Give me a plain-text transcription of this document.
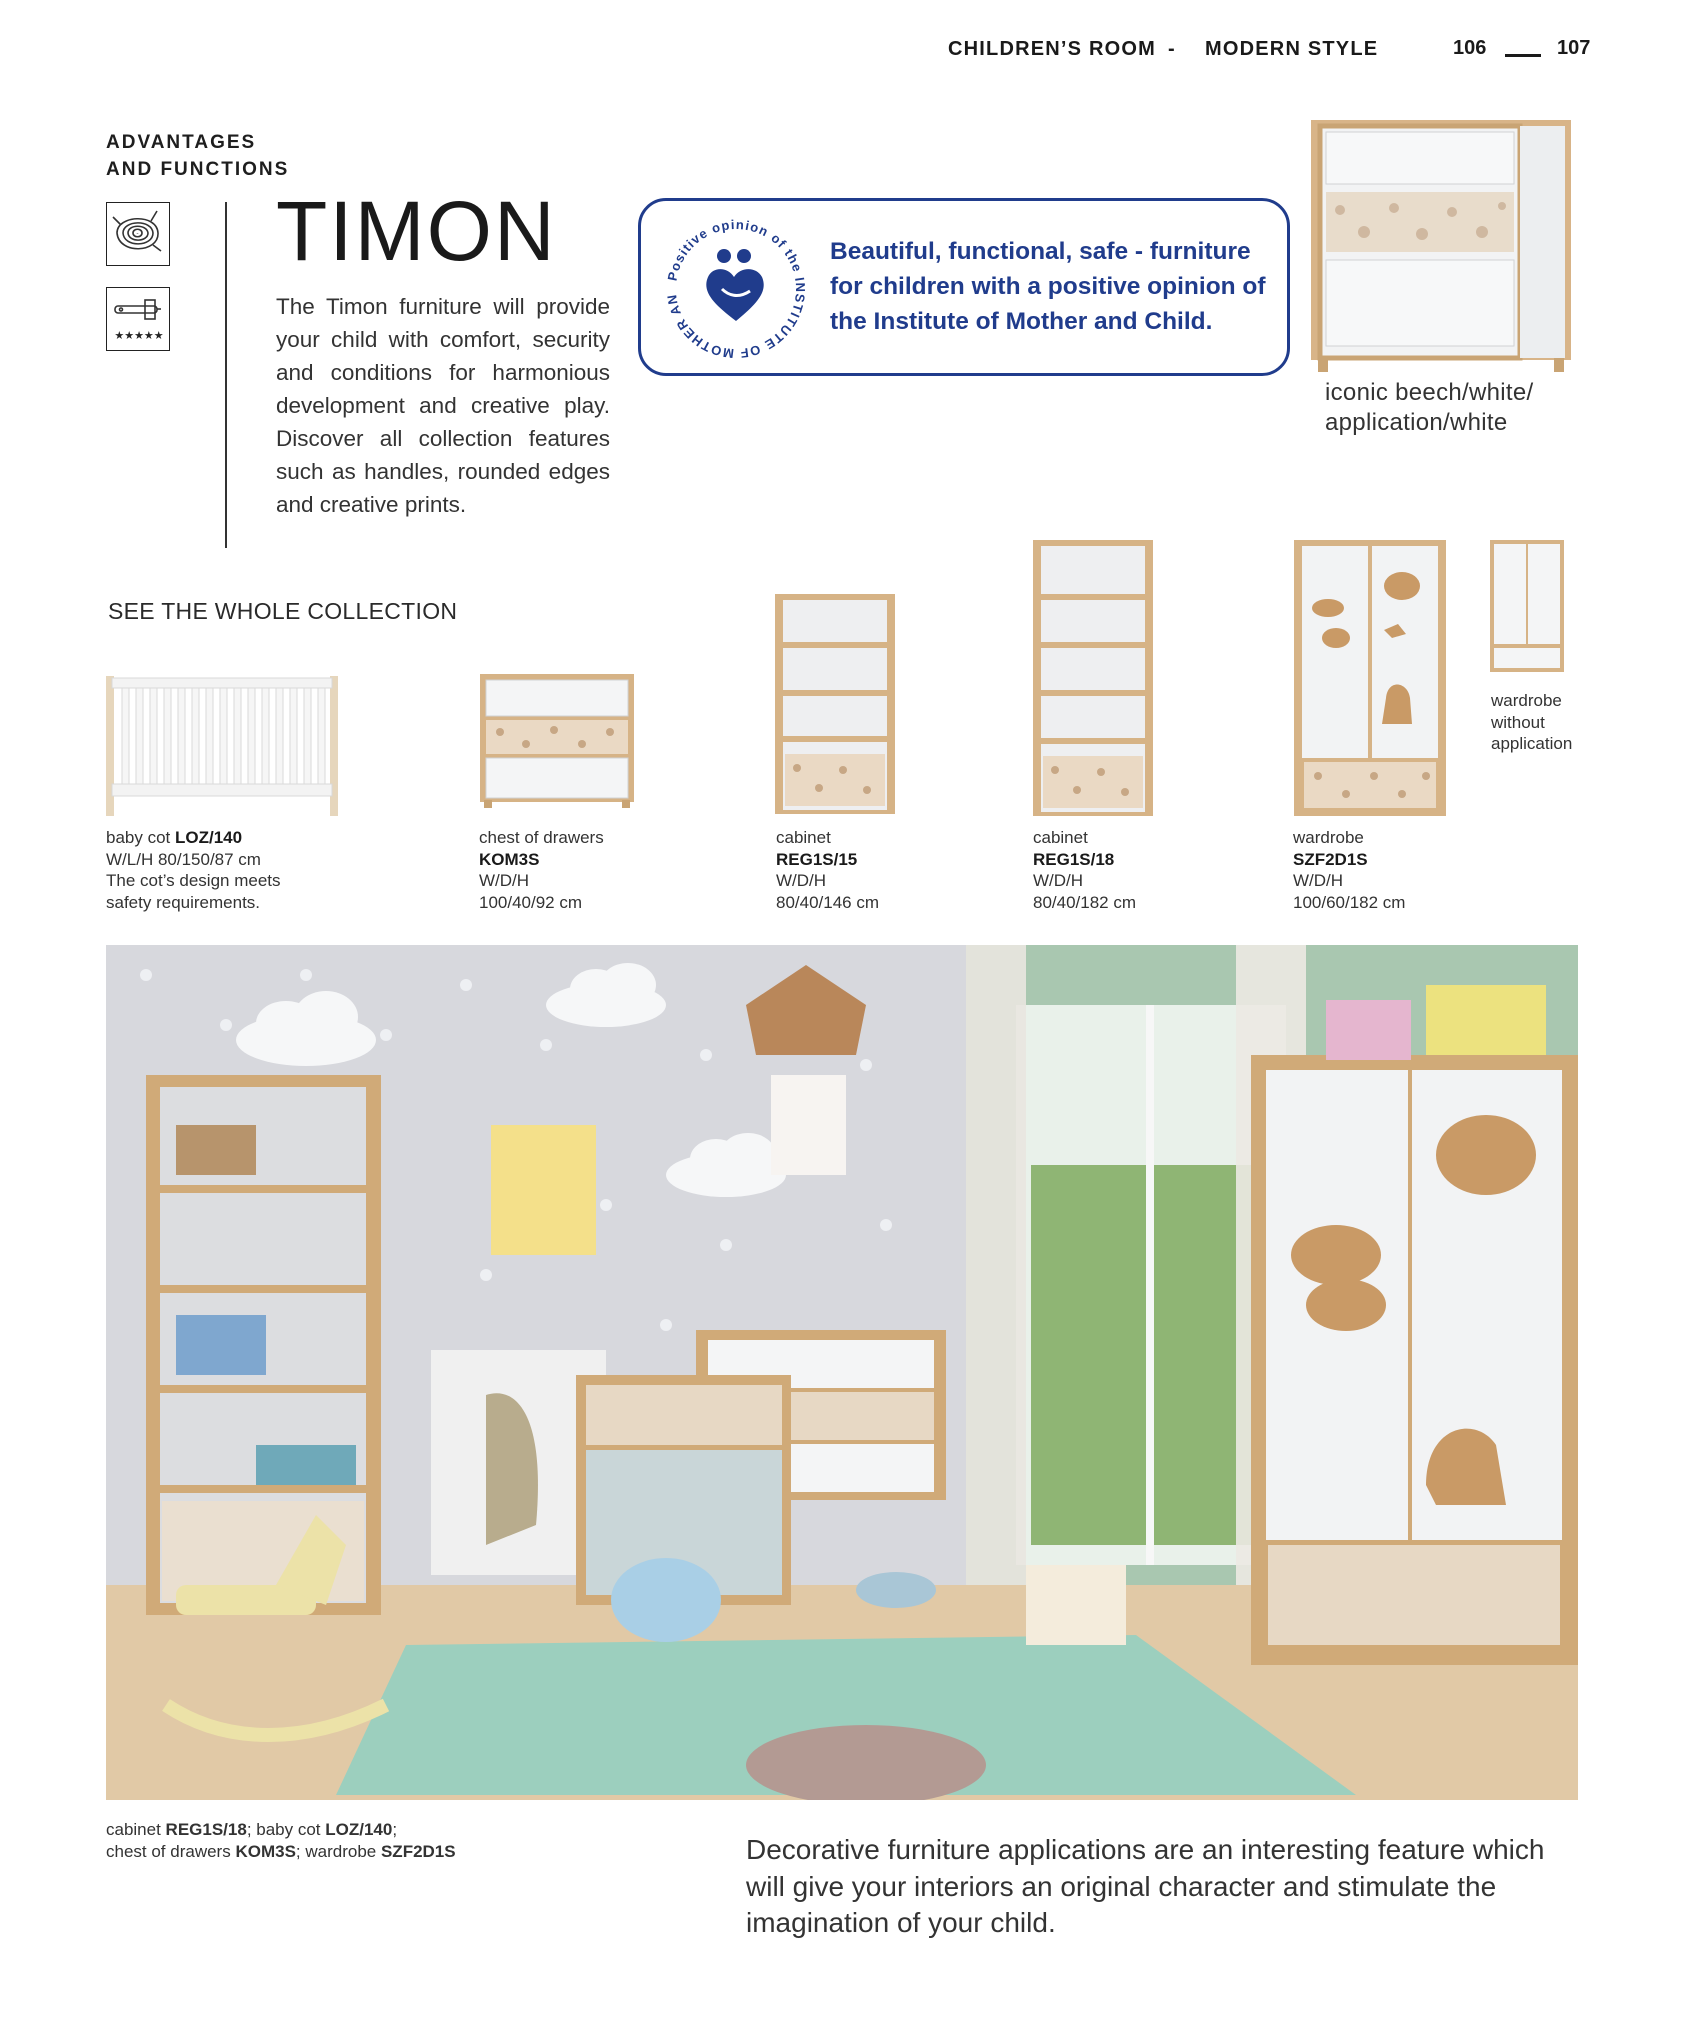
CHILDREN’S ROOM - MODERN STYLE	106	107
ADVANTAGES
AND FUNCTIONS
★★★★★
TIMON
The Timon furniture will provide your child with comfort, security and conditions for harmonious development and creative play. Discover all collection features such as handles, rounded edges and creative prints.
Positive opinion of the INSTITUTE OF MOTHER AN
Beautiful, functional, safe - furniture for children with a positive opinion of the Institute of Mother and Child.
iconic beech/white/
application/white
SEE THE WHOLE COLLECTION
baby cot LOZ/140
W/L/H 80/150/87 cm
The cot’s design meets
safety requirements.
chest of drawers
KOM3S
W/D/H
100/40/92 cm
cabinet
REG1S/15
W/D/H
80/40/146 cm
cabinet
REG1S/18
W/D/H
80/40/182 cm
wardrobe
SZF2D1S
W/D/H
100/60/182 cm
wardrobe
without
application
cabinet REG1S/18; baby cot LOZ/140;
chest of drawers KOM3S; wardrobe SZF2D1S	Decorative furniture applications are an interesting feature which will give your interiors an original character and stimulate the imagination of your child.
